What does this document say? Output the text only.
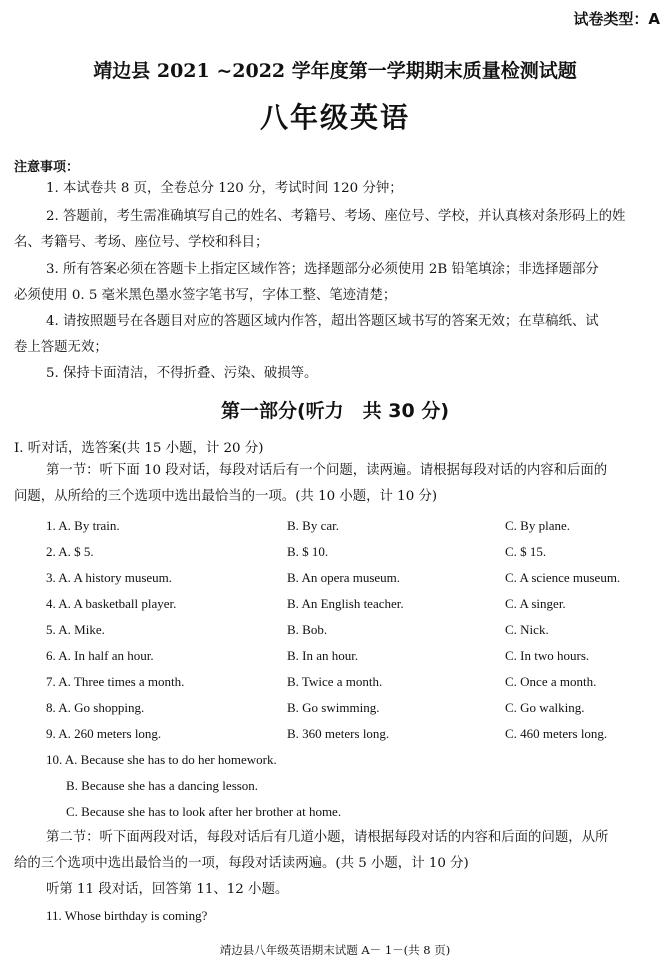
试卷类型：A
靖边县 2021 ~2022 学年度第一学期期末质量检测试题
八年级英语
注意事项：
1. 本试卷共 8 页，全卷总分 120 分，考试时间 120 分钟；
2. 答题前，考生需准确填写自己的姓名、考籍号、考场、座位号、学校，并认真核对条形码上的姓
名、考籍号、考场、座位号、学校和科目；
3. 所有答案必须在答题卡上指定区域作答；选择题部分必须使用 2B 铅笔填涂；非选择题部分
必须使用 0. 5 毫米黑色墨水签字笔书写，字体工整、笔迹清楚；
4. 请按照题号在各题目对应的答题区域内作答，超出答题区域书写的答案无效；在草稿纸、试
卷上答题无效；
5. 保持卡面清洁，不得折叠、污染、破损等。
第一部分(听力　共 30 分)
Ⅰ. 听对话，选答案(共 15 小题，计 20 分)
第一节：听下面 10 段对话，每段对话后有一个问题，读两遍。请根据每段对话的内容和后面的
问题，从所给的三个选项中选出最恰当的一项。(共 10 小题，计 10 分)
1. A. By train.	B. By car.	C. By plane.
2. A. $ 5.	B. $ 10.	C. $ 15.
3. A. A history museum.	B. An opera museum.	C. A science museum.
4. A. A basketball player.	B. An English teacher.	C. A singer.
5. A. Mike.	B. Bob.	C. Nick.
6. A. In half an hour.	B. In an hour.	C. In two hours.
7. A. Three times a month.	B. Twice a month.	C. Once a month.
8. A. Go shopping.	B. Go swimming.	C. Go walking.
9. A. 260 meters long.	B. 360 meters long.	C. 460 meters long.
10. A. Because she has to do her homework.
B. Because she has a dancing lesson.
C. Because she has to look after her brother at home.
第二节：听下面两段对话，每段对话后有几道小题，请根据每段对话的内容和后面的问题，从所
给的三个选项中选出最恰当的一项，每段对话读两遍。(共 5 小题，计 10 分)
听第 11 段对话，回答第 11、12 小题。
11. Whose birthday is coming?
靖边县八年级英语期末试题 A－ 1－(共 8 页)
